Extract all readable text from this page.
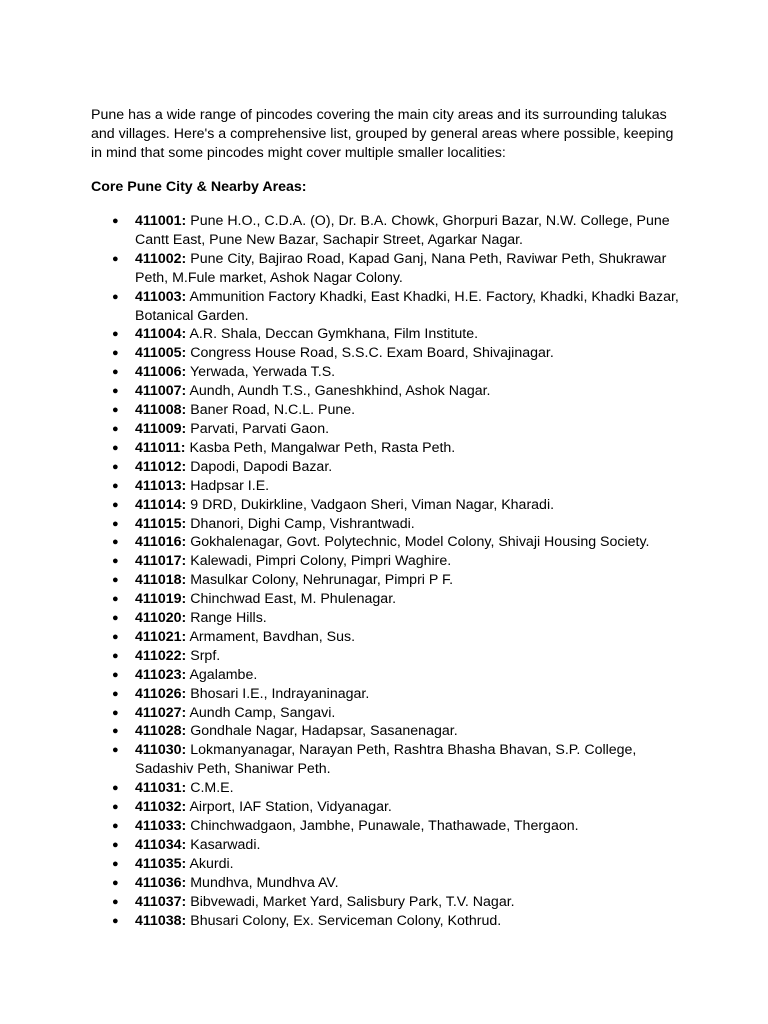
Pune has a wide range of pincodes covering the main city areas and its surrounding talukas and villages. Here's a comprehensive list, grouped by general areas where possible, keeping in mind that some pincodes might cover multiple smaller localities:

Core Pune City & Nearby Areas:

● 411001: Pune H.O., C.D.A. (O), Dr. B.A. Chowk, Ghorpuri Bazar, N.W. College, Pune Cantt East, Pune New Bazar, Sachapir Street, Agarkar Nagar.
● 411002: Pune City, Bajirao Road, Kapad Ganj, Nana Peth, Raviwar Peth, Shukrawar Peth, M.Fule market, Ashok Nagar Colony.
● 411003: Ammunition Factory Khadki, East Khadki, H.E. Factory, Khadki, Khadki Bazar, Botanical Garden.
● 411004: A.R. Shala, Deccan Gymkhana, Film Institute.
● 411005: Congress House Road, S.S.C. Exam Board, Shivajinagar.
● 411006: Yerwada, Yerwada T.S.
● 411007: Aundh, Aundh T.S., Ganeshkhind, Ashok Nagar.
● 411008: Baner Road, N.C.L. Pune.
● 411009: Parvati, Parvati Gaon.
● 411011: Kasba Peth, Mangalwar Peth, Rasta Peth.
● 411012: Dapodi, Dapodi Bazar.
● 411013: Hadpsar I.E.
● 411014: 9 DRD, Dukirkline, Vadgaon Sheri, Viman Nagar, Kharadi.
● 411015: Dhanori, Dighi Camp, Vishrantwadi.
● 411016: Gokhalenagar, Govt. Polytechnic, Model Colony, Shivaji Housing Society.
● 411017: Kalewadi, Pimpri Colony, Pimpri Waghire.
● 411018: Masulkar Colony, Nehrunagar, Pimpri P F.
● 411019: Chinchwad East, M. Phulenagar.
● 411020: Range Hills.
● 411021: Armament, Bavdhan, Sus.
● 411022: Srpf.
● 411023: Agalambe.
● 411026: Bhosari I.E., Indrayaninagar.
● 411027: Aundh Camp, Sangavi.
● 411028: Gondhale Nagar, Hadapsar, Sasanenagar.
● 411030: Lokmanyanagar, Narayan Peth, Rashtra Bhasha Bhavan, S.P. College, Sadashiv Peth, Shaniwar Peth.
● 411031: C.M.E.
● 411032: Airport, IAF Station, Vidyanagar.
● 411033: Chinchwadgaon, Jambhe, Punawale, Thathawade, Thergaon.
● 411034: Kasarwadi.
● 411035: Akurdi.
● 411036: Mundhva, Mundhva AV.
● 411037: Bibvewadi, Market Yard, Salisbury Park, T.V. Nagar.
● 411038: Bhusari Colony, Ex. Serviceman Colony, Kothrud.
